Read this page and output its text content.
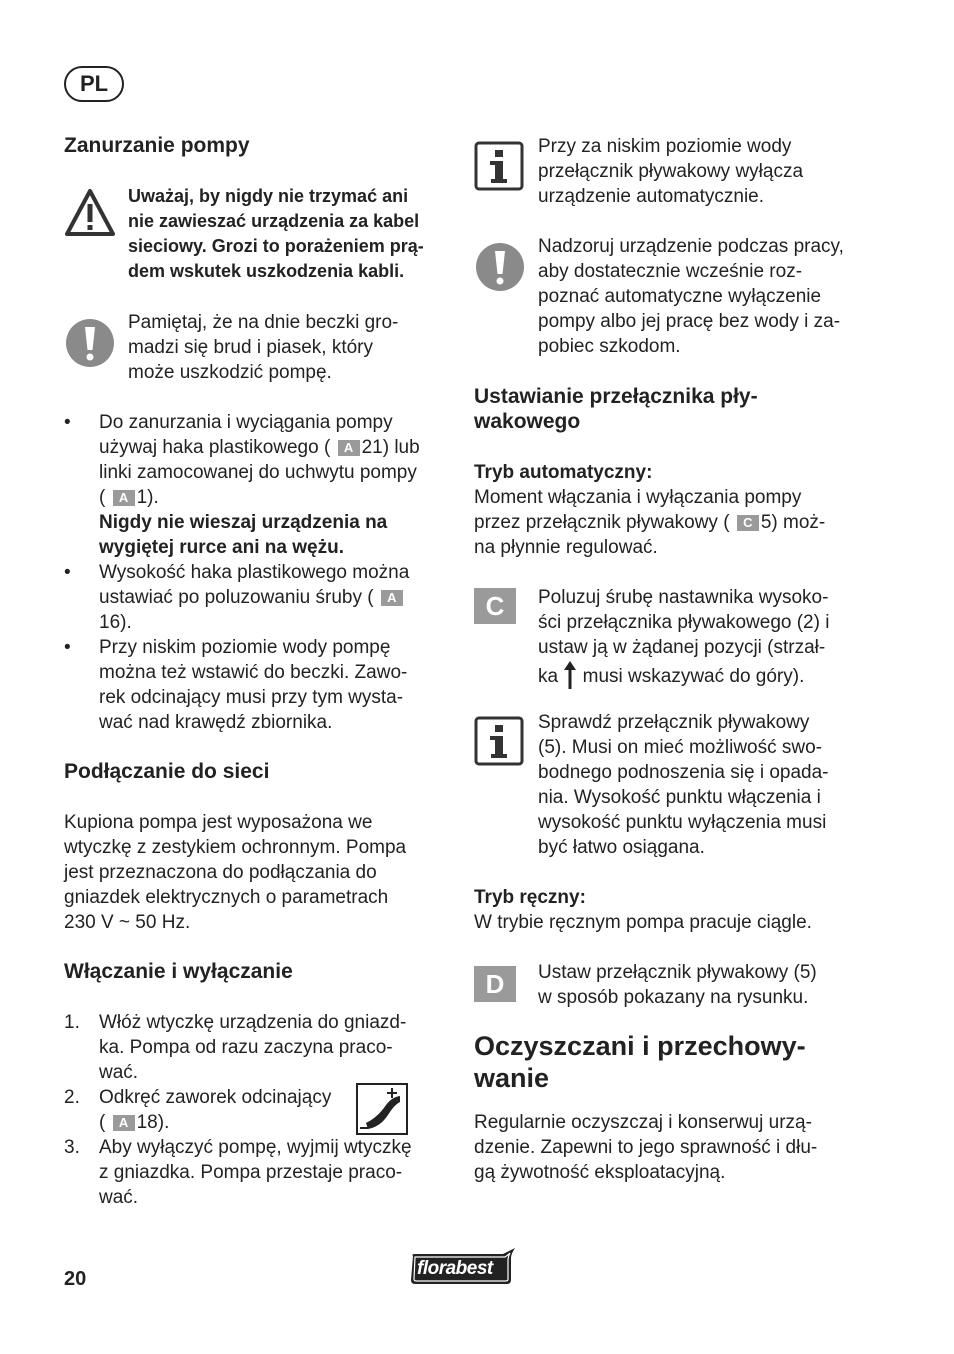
PL
Zanurzanie pompy
Uważaj, by nigdy nie trzymać ani
nie zawieszać urządzenia za kabel
sieciowy. Grozi to porażeniem prą-
dem wskutek uszkodzenia kabli.
Pamiętaj, że na dnie beczki gro-
madzi się brud i piasek, który
może uszkodzić pompę.
•	Do zanurzania i wyciągania pompy
używaj haka plastikowego ( A 21) lub
linki zamocowanej do uchwytu pompy
( A 1).
Nigdy nie wieszaj urządzenia na
wygiętej rurce ani na wężu.
•	Wysokość haka plastikowego można
ustawiać po poluzowaniu śruby ( A
16).
•	Przy niskim poziomie wody pompę
można też wstawić do beczki. Zawo-
rek odcinający musi przy tym wysta-
wać nad krawędź zbiornika.
Podłączanie do sieci
Kupiona pompa jest wyposażona we
wtyczkę z zestykiem ochronnym. Pompa
jest przeznaczona do podłączania do
gniazdek elektrycznych o parametrach
230 V ~ 50 Hz.
Włączanie i wyłączanie
1. Włóż wtyczkę urządzenia do gniazd-
ka. Pompa od razu zaczyna praco-
wać.
2. Odkręć zaworek odcinający
( A 18).
3. Aby wyłączyć pompę, wyjmij wtyczkę
z gniazdka. Pompa przestaje praco-
wać.
Przy za niskim poziomie wody
przełącznik pływakowy wyłącza
urządzenie automatycznie.
Nadzoruj urządzenie podczas pracy,
aby dostatecznie wcześnie roz-
poznać automatyczne wyłączenie
pompy albo jej pracę bez wody i za-
pobiec szkodom.
Ustawianie przełącznika pły-
wakowego
Tryb automatyczny:
Moment włączania i wyłączania pompy
przez przełącznik pływakowy ( C 5) moż-
na płynnie regulować.
C	Poluzuj śrubę nastawnika wysoko-
ści przełącznika pływakowego (2) i
ustaw ją w żądanej pozycji (strzał-
ka musi wskazywać do góry).
Sprawdź przełącznik pływakowy
(5). Musi on mieć możliwość swo-
bodnego podnoszenia się i opada-
nia. Wysokość punktu włączenia i
wysokość punktu wyłączenia musi
być łatwo osiągana.
Tryb ręczny:
W trybie ręcznym pompa pracuje ciągle.
D	Ustaw przełącznik pływakowy (5)
w sposób pokazany na rysunku.
Oczyszczani i przechowy-
wanie
Regularnie oczyszczaj i konserwuj urzą-
dzenie. Zapewni to jego sprawność i dłu-
gą żywotność eksploatacyjną.
20	florabest
